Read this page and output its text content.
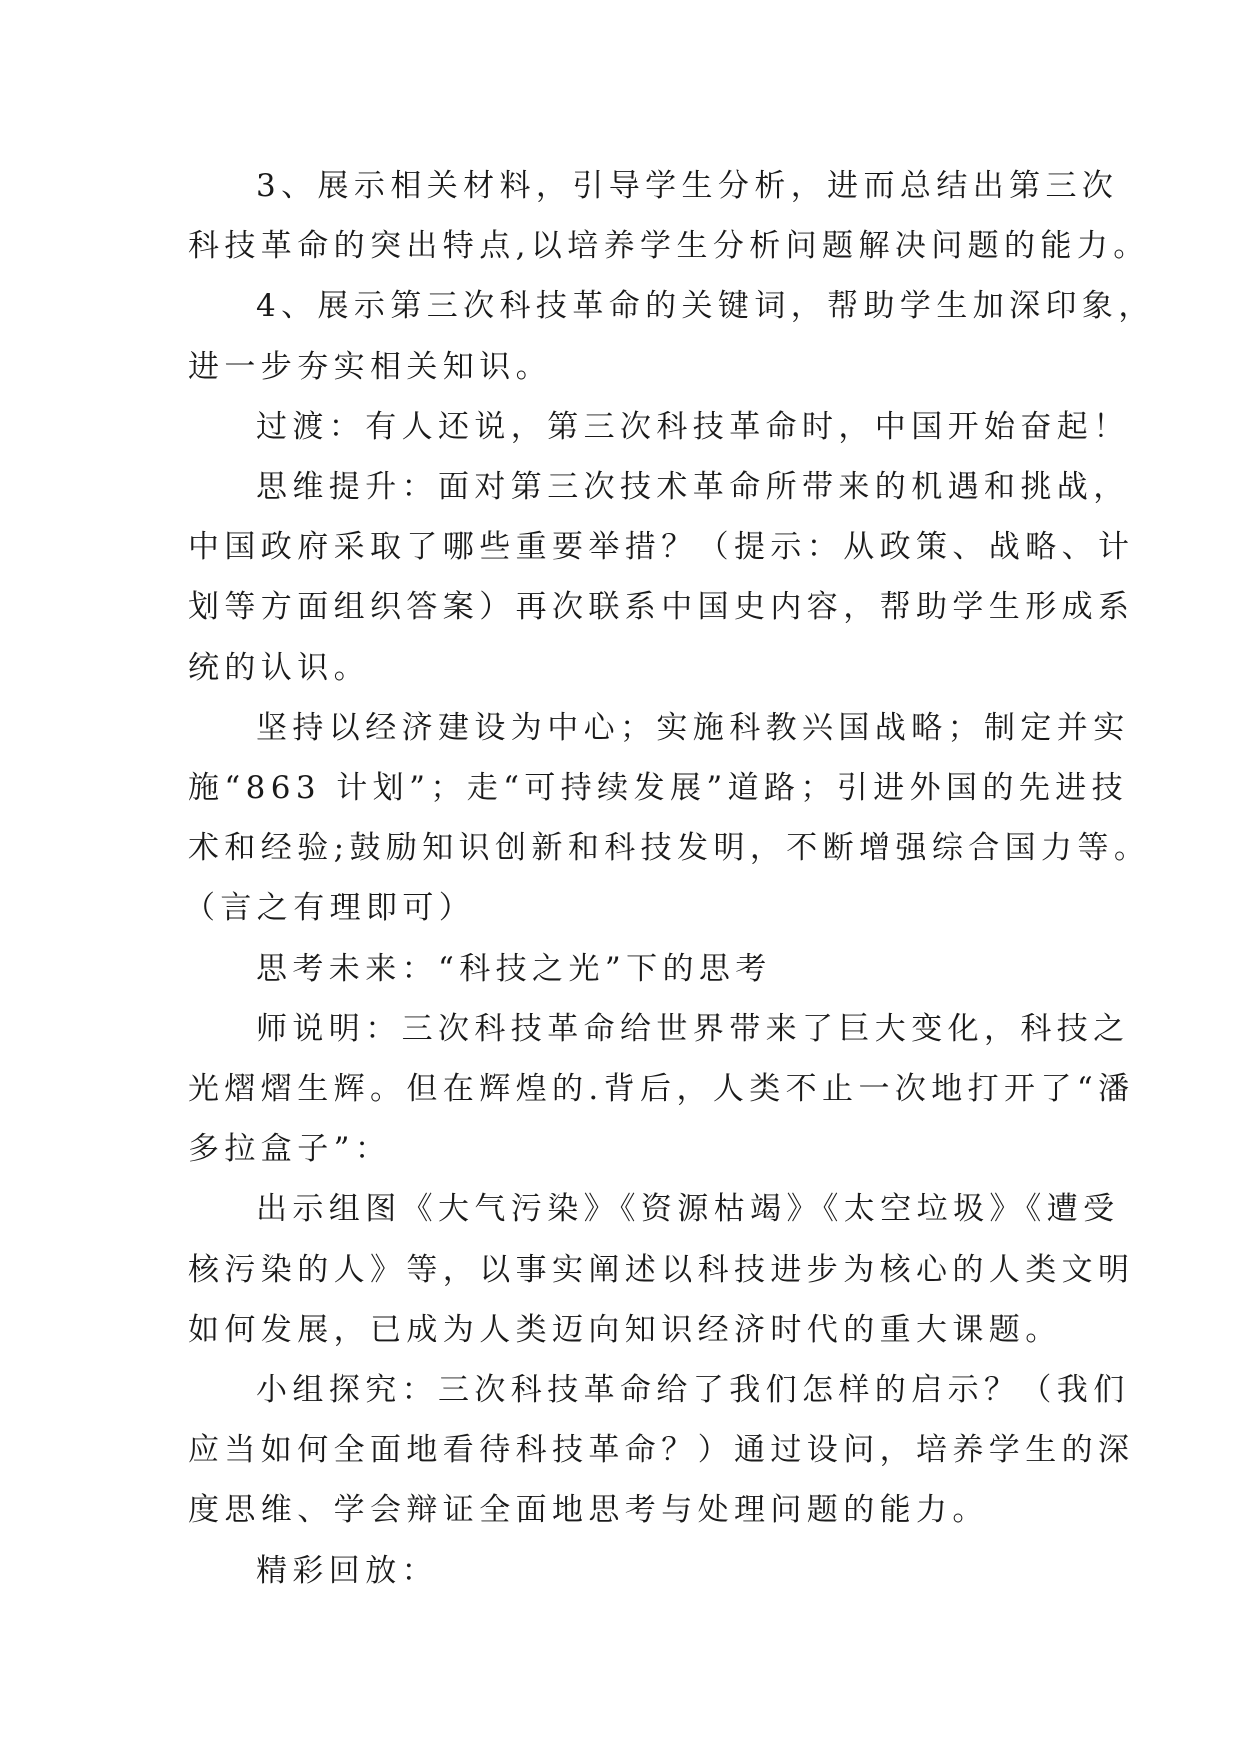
3、展示相关材料，引导学生分析，进而总结出第三次
科技革命的突出特点,以培养学生分析问题解决问题的能力。
4、展示第三次科技革命的关键词，帮助学生加深印象，
进一步夯实相关知识。
过渡：有人还说，第三次科技革命时，中国开始奋起！
思维提升：面对第三次技术革命所带来的机遇和挑战，
中国政府采取了哪些重要举措？（提示：从政策、战略、计
划等方面组织答案）再次联系中国史内容，帮助学生形成系
统的认识。
坚持以经济建设为中心；实施科教兴国战略；制定并实
施“863 计划”；走“可持续发展”道路；引进外国的先进技
术和经验;鼓励知识创新和科技发明，不断增强综合国力等。
（言之有理即可）
思考未来：“科技之光”下的思考
师说明：三次科技革命给世界带来了巨大变化，科技之
光熠熠生辉。但在辉煌的.背后，人类不止一次地打开了“潘
多拉盒子”：
出示组图《大气污染》《资源枯竭》《太空垃圾》《遭受
核污染的人》等，以事实阐述以科技进步为核心的人类文明
如何发展，已成为人类迈向知识经济时代的重大课题。
小组探究：三次科技革命给了我们怎样的启示？（我们
应当如何全面地看待科技革命？）通过设问，培养学生的深
度思维、学会辩证全面地思考与处理问题的能力。
精彩回放：
